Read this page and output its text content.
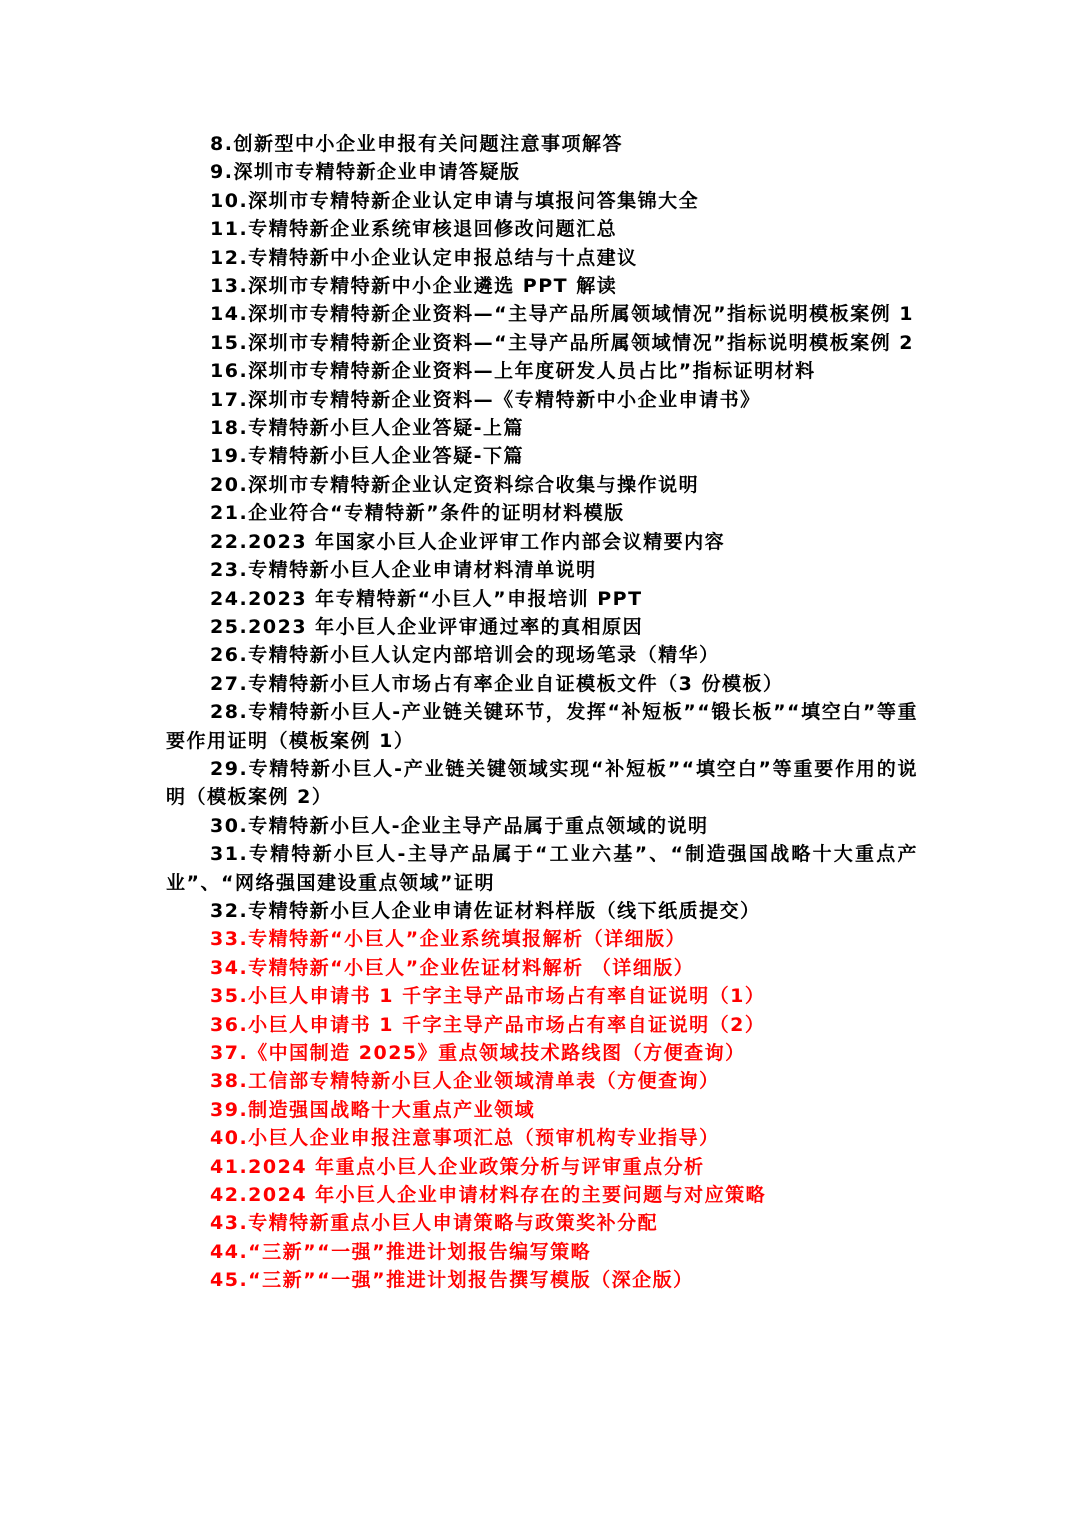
8.创新型中小企业申报有关问题注意事项解答
9.深圳市专精特新企业申请答疑版
10.深圳市专精特新企业认定申请与填报问答集锦大全
11.专精特新企业系统审核退回修改问题汇总
12.专精特新中小企业认定申报总结与十点建议
13.深圳市专精特新中小企业遴选 PPT 解读
14.深圳市专精特新企业资料—“主导产品所属领域情况”指标说明模板案例 1
15.深圳市专精特新企业资料—“主导产品所属领域情况”指标说明模板案例 2
16.深圳市专精特新企业资料—上年度研发人员占比”指标证明材料
17.深圳市专精特新企业资料—《专精特新中小企业申请书》
18.专精特新小巨人企业答疑-上篇
19.专精特新小巨人企业答疑-下篇
20.深圳市专精特新企业认定资料综合收集与操作说明
21.企业符合“专精特新”条件的证明材料模版
22.2023 年国家小巨人企业评审工作内部会议精要内容
23.专精特新小巨人企业申请材料清单说明
24.2023 年专精特新“小巨人”申报培训 PPT
25.2023 年小巨人企业评审通过率的真相原因
26.专精特新小巨人认定内部培训会的现场笔录（精华）
27.专精特新小巨人市场占有率企业自证模板文件（3 份模板）
28.专精特新小巨人-产业链关键环节，发挥“补短板”“锻长板”“填空白”等重要作用证明（模板案例 1）
29.专精特新小巨人-产业链关键领域实现“补短板”“填空白”等重要作用的说明（模板案例 2）
30.专精特新小巨人-企业主导产品属于重点领域的说明
31.专精特新小巨人-主导产品属于“工业六基”、“制造强国战略十大重点产业”、“网络强国建设重点领域”证明
32.专精特新小巨人企业申请佐证材料样版（线下纸质提交）
33.专精特新“小巨人”企业系统填报解析（详细版）
34.专精特新“小巨人”企业佐证材料解析 （详细版）
35.小巨人申请书 1 千字主导产品市场占有率自证说明（1）
36.小巨人申请书 1 千字主导产品市场占有率自证说明（2）
37.《中国制造 2025》重点领域技术路线图（方便查询）
38.工信部专精特新小巨人企业领域清单表（方便查询）
39.制造强国战略十大重点产业领域
40.小巨人企业申报注意事项汇总（预审机构专业指导）
41.2024 年重点小巨人企业政策分析与评审重点分析
42.2024 年小巨人企业申请材料存在的主要问题与对应策略
43.专精特新重点小巨人申请策略与政策奖补分配
44.“三新”“一强”推进计划报告编写策略
45.“三新”“一强”推进计划报告撰写模版（深企版）
